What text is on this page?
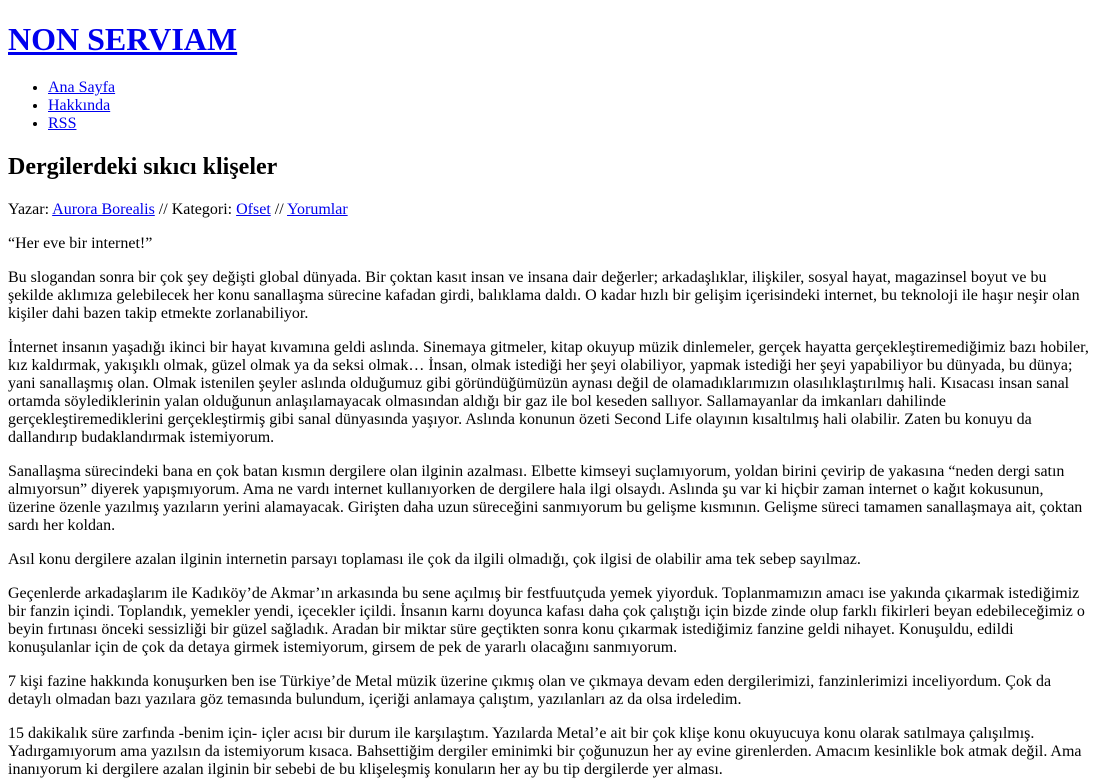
NON SERVIAM
• Ana Sayfa
• Hakkında
• RSS
Dergilerdeki sıkıcı klişeler

Yazar: Aurora Borealis // Kategori: Ofset // Yorumlar

“Her eve bir internet!”

Bu slogandan sonra bir çok şey değişti global dünyada. Bir çoktan kasıt insan ve insana dair değerler; arkadaşlıklar, ilişkiler, sosyal hayat, magazinsel boyut ve bu şekilde aklımıza gelebilecek her konu sanallaşma sürecine kafadan girdi, balıklama daldı. O kadar hızlı bir gelişim içerisindeki internet, bu teknoloji ile haşır neşir olan kişiler dahi bazen takip etmekte zorlanabiliyor.

İnternet insanın yaşadığı ikinci bir hayat kıvamına geldi aslında. Sinemaya gitmeler, kitap okuyup müzik dinlemeler, gerçek hayatta gerçekleştiremediğimiz bazı hobiler, kız kaldırmak, yakışıklı olmak, güzel olmak ya da seksi olmak… İnsan, olmak istediği her şeyi olabiliyor, yapmak istediği her şeyi yapabiliyor bu dünyada, bu dünya; yani sanallaşmış olan. Olmak istenilen şeyler aslında olduğumuz gibi göründüğümüzün aynası değil de olamadıklarımızın olasılıklaştırılmış hali. Kısacası insan sanal ortamda söylediklerinin yalan olduğunun anlaşılamayacak olmasından aldığı bir gaz ile bol keseden sallıyor. Sallamayanlar da imkanları dahilinde gerçekleştiremediklerini gerçekleştirmiş gibi sanal dünyasında yaşıyor. Aslında konunun özeti Second Life olayının kısaltılmış hali olabilir. Zaten bu konuyu da dallandırıp budaklandırmak istemiyorum.

Sanallaşma sürecindeki bana en çok batan kısmın dergilere olan ilginin azalması. Elbette kimseyi suçlamıyorum, yoldan birini çevirip de yakasına “neden dergi satın almıyorsun” diyerek yapışmıyorum. Ama ne vardı internet kullanıyorken de dergilere hala ilgi olsaydı. Aslında şu var ki hiçbir zaman internet o kağıt kokusunun, üzerine özenle yazılmış yazıların yerini alamayacak. Girişten daha uzun süreceğini sanmıyorum bu gelişme kısmının. Gelişme süreci tamamen sanallaşmaya ait, çoktan sardı her koldan.

Asıl konu dergilere azalan ilginin internetin parsayı toplaması ile çok da ilgili olmadığı, çok ilgisi de olabilir ama tek sebep sayılmaz.

Geçenlerde arkadaşlarım ile Kadıköy’de Akmar’ın arkasında bu sene açılmış bir festfuutçuda yemek yiyorduk. Toplanmamızın amacı ise yakında çıkarmak istediğimiz bir fanzin içindi. Toplandık, yemekler yendi, içecekler içildi. İnsanın karnı doyunca kafası daha çok çalıştığı için bizde zinde olup farklı fikirleri beyan edebileceğimiz o beyin fırtınası önceki sessizliği bir güzel sağladık. Aradan bir miktar süre geçtikten sonra konu çıkarmak istediğimiz fanzine geldi nihayet. Konuşuldu, edildi konuşulanlar için de çok da detaya girmek istemiyorum, girsem de pek de yararlı olacağını sanmıyorum.

7 kişi fazine hakkında konuşurken ben ise Türkiye’de Metal müzik üzerine çıkmış olan ve çıkmaya devam eden dergilerimizi, fanzinlerimizi inceliyordum. Çok da detaylı olmadan bazı yazılara göz temasında bulundum, içeriği anlamaya çalıştım, yazılanları az da olsa irdeledim.

15 dakikalık süre zarfında -benim için- içler acısı bir durum ile karşılaştım. Yazılarda Metal’e ait bir çok klişe konu okuyucuya konu olarak satılmaya çalışılmış. Yadırgamıyorum ama yazılsın da istemiyorum kısaca. Bahsettiğim dergiler eminimki bir çoğunuzun her ay evine girenlerden. Amacım kesinlikle bok atmak değil. Ama inanıyorum ki dergilere azalan ilginin bir sebebi de bu klişeleşmiş konuların her ay bu tip dergilerde yer alması.
